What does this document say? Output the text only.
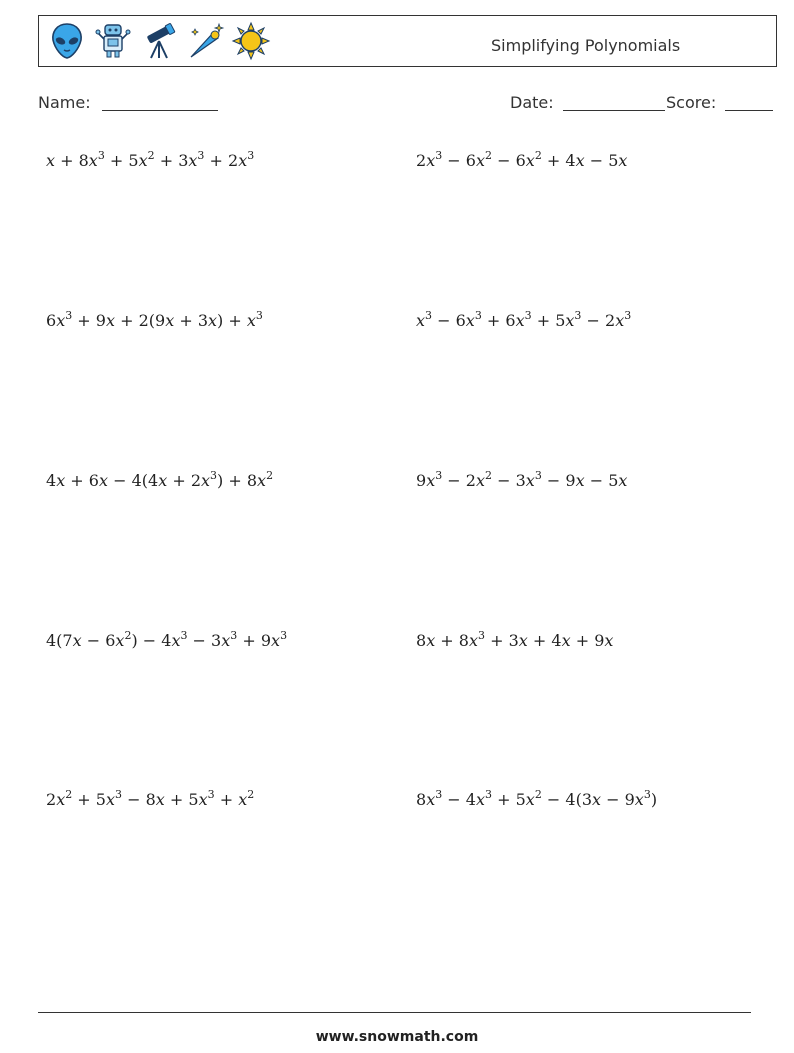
Simplifying Polynomials
Name:	Date:	Score:
$x + 8x^3 + 5x^2 + 3x^3 + 2x^3$	$2x^3 - 6x^2 - 6x^2 + 4x - 5x$
$6x^3 + 9x + 2(9x + 3x) + x^3$	$x^3 - 6x^3 + 6x^3 + 5x^3 - 2x^3$
$4x + 6x - 4(4x + 2x^3) + 8x^2$	$9x^3 - 2x^2 - 3x^3 - 9x - 5x$
$4(7x - 6x^2) - 4x^3 - 3x^3 + 9x^3$	$8x + 8x^3 + 3x + 4x + 9x$
$2x^2 + 5x^3 - 8x + 5x^3 + x^2$	$8x^3 - 4x^3 + 5x^2 - 4(3x - 9x^3)$
www.snowmath.com
